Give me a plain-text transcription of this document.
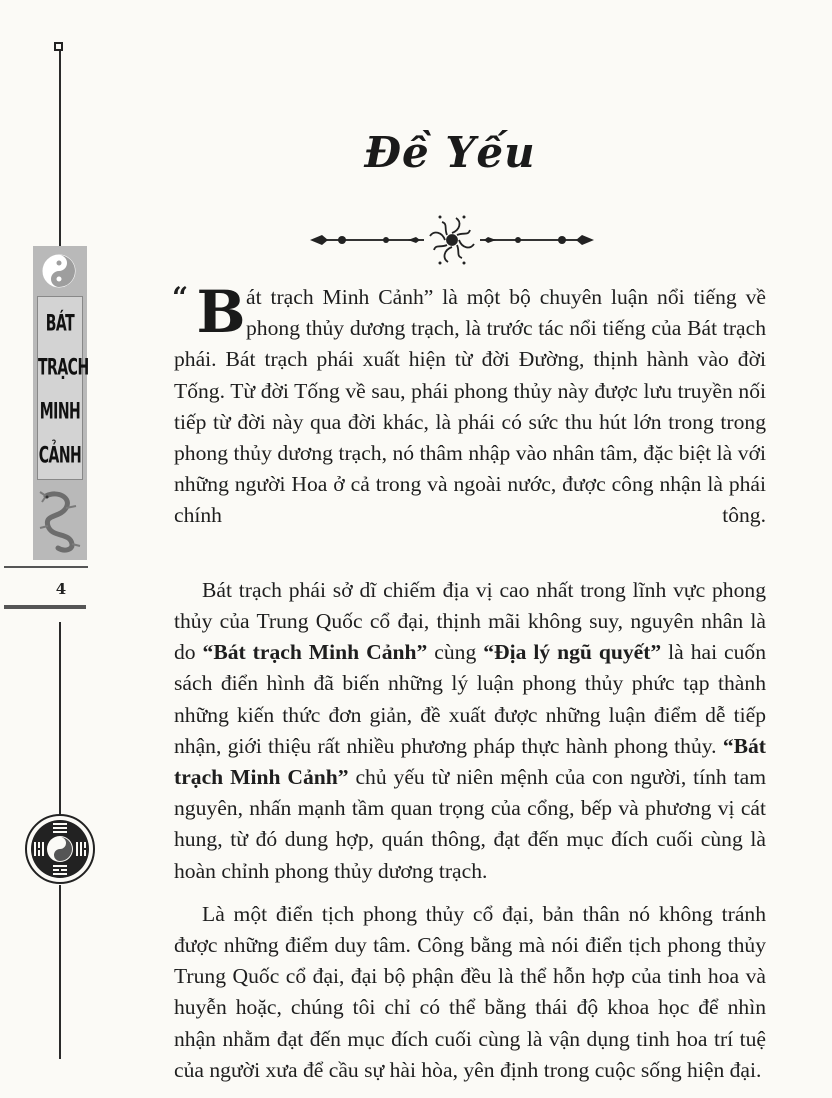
BÁT
TRẠCH
MINH
CẢNH
4
Đề Yếu

“ B át trạch Minh Cảnh” là một bộ chuyên luận nổi tiếng về phong thủy dương trạch, là trước tác nổi tiếng của Bát trạch phái. Bát trạch phái xuất hiện từ đời Đường, thịnh hành vào đời Tống. Từ đời Tống về sau, phái phong thủy này được lưu truyền nối tiếp từ đời này qua đời khác, là phái có sức thu hút lớn trong trong phong thủy dương trạch, nó thâm nhập vào nhân tâm, đặc biệt là với những người Hoa ở cả trong và ngoài nước, được công nhận là phái chính tông.

Bát trạch phái sở dĩ chiếm địa vị cao nhất trong lĩnh vực phong thủy của Trung Quốc cổ đại, thịnh mãi không suy, nguyên nhân là do “Bát trạch Minh Cảnh” cùng “Địa lý ngũ quyết” là hai cuốn sách điển hình đã biến những lý luận phong thủy phức tạp thành những kiến thức đơn giản, đề xuất được những luận điểm dễ tiếp nhận, giới thiệu rất nhiều phương pháp thực hành phong thủy. “Bát trạch Minh Cảnh” chủ yếu từ niên mệnh của con người, tính tam nguyên, nhấn mạnh tầm quan trọng của cổng, bếp và phương vị cát hung, từ đó dung hợp, quán thông, đạt đến mục đích cuối cùng là hoàn chỉnh phong thủy dương trạch.

Là một điển tịch phong thủy cổ đại, bản thân nó không tránh được những điểm duy tâm. Công bằng mà nói điển tịch phong thủy Trung Quốc cổ đại, đại bộ phận đều là thể hỗn hợp của tinh hoa và huyễn hoặc, chúng tôi chỉ có thể bằng thái độ khoa học để nhìn nhận nhằm đạt đến mục đích cuối cùng là vận dụng tinh hoa trí tuệ của người xưa để cầu sự hài hòa, yên định trong cuộc sống hiện đại.
